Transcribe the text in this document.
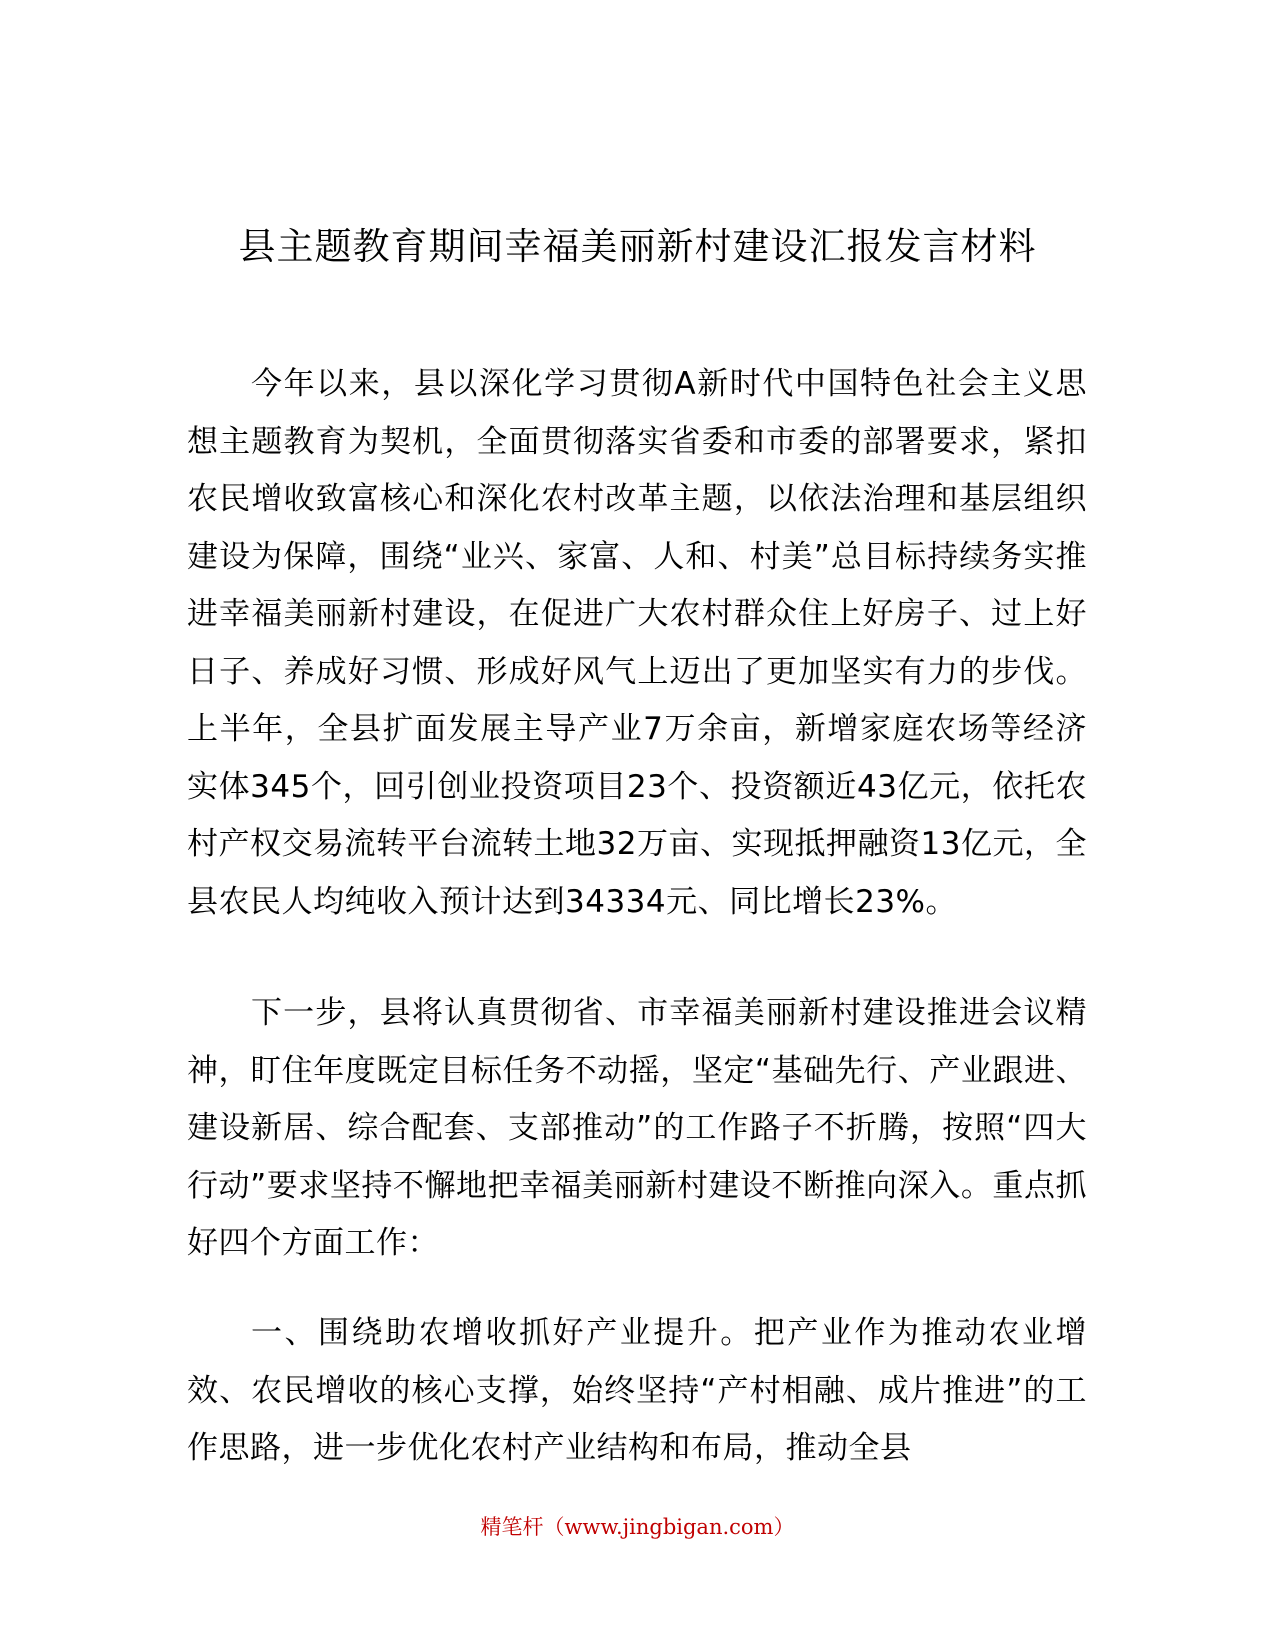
县主题教育期间幸福美丽新村建设汇报发言材料

今年以来，县以深化学习贯彻A新时代中国特色社会主义思想主题教育为契机，全面贯彻落实省委和市委的部署要求，紧扣农民增收致富核心和深化农村改革主题，以依法治理和基层组织建设为保障，围绕“业兴、家富、人和、村美”总目标持续务实推进幸福美丽新村建设，在促进广大农村群众住上好房子、过上好日子、养成好习惯、形成好风气上迈出了更加坚实有力的步伐。上半年，全县扩面发展主导产业7万余亩，新增家庭农场等经济实体345个，回引创业投资项目23个、投资额近43亿元，依托农村产权交易流转平台流转土地32万亩、实现抵押融资13亿元，全县农民人均纯收入预计达到34334元、同比增长23%。

下一步，县将认真贯彻省、市幸福美丽新村建设推进会议精神，盯住年度既定目标任务不动摇，坚定“基础先行、产业跟进、建设新居、综合配套、支部推动”的工作路子不折腾，按照“四大行动”要求坚持不懈地把幸福美丽新村建设不断推向深入。重点抓好四个方面工作：

一、围绕助农增收抓好产业提升。把产业作为推动农业增效、农民增收的核心支撑，始终坚持“产村相融、成片推进”的工作思路，进一步优化农村产业结构和布局，推动全县

精笔杆（www.jingbigan.com）
